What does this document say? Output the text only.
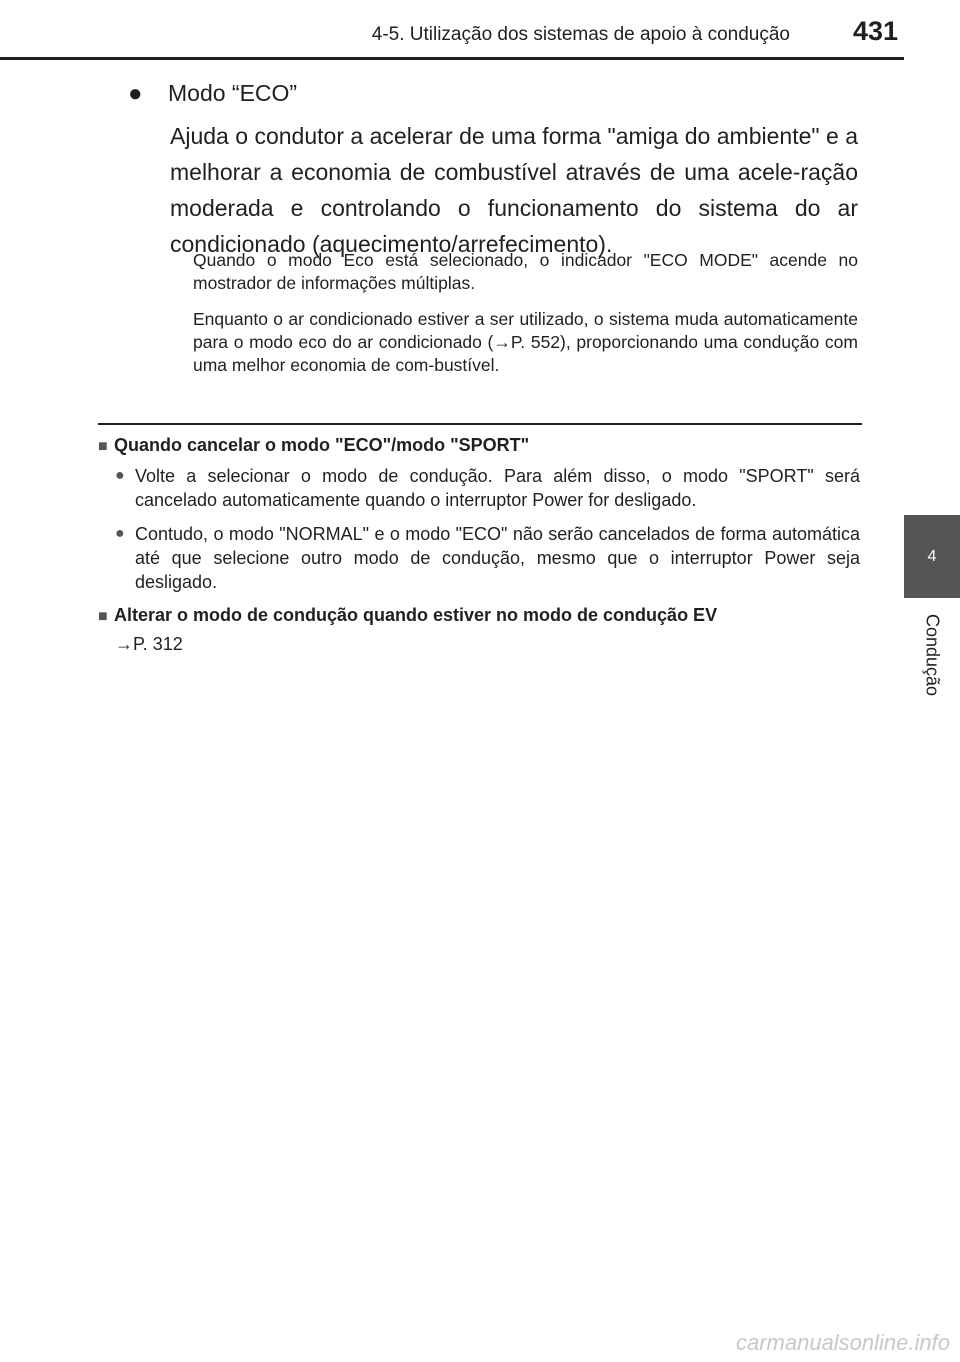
4-5. Utilização dos sistemas de apoio à condução	431
4
Condução
● Modo “ECO”
Ajuda o condutor a acelerar de uma forma "amiga do ambiente" e a melhorar a economia de combustível através de uma acele-ração moderada e controlando o funcionamento do sistema do ar condicionado (aquecimento/arrefecimento).
Quando o modo Eco está selecionado, o indicador "ECO MODE" acende no mostrador de informações múltiplas.
Enquanto o ar condicionado estiver a ser utilizado, o sistema muda automaticamente para o modo eco do ar condicionado (→P. 552), proporcionando uma condução com uma melhor economia de com-bustível.
■ Quando cancelar o modo "ECO"/modo "SPORT"
● Volte a selecionar o modo de condução. Para além disso, o modo "SPORT" será cancelado automaticamente quando o interruptor Power for desligado.
● Contudo, o modo "NORMAL" e o modo "ECO" não serão cancelados de forma automática até que selecione outro modo de condução, mesmo que o interruptor Power seja desligado.
■ Alterar o modo de condução quando estiver no modo de condução EV
→P. 312
carmanualsonline.info
